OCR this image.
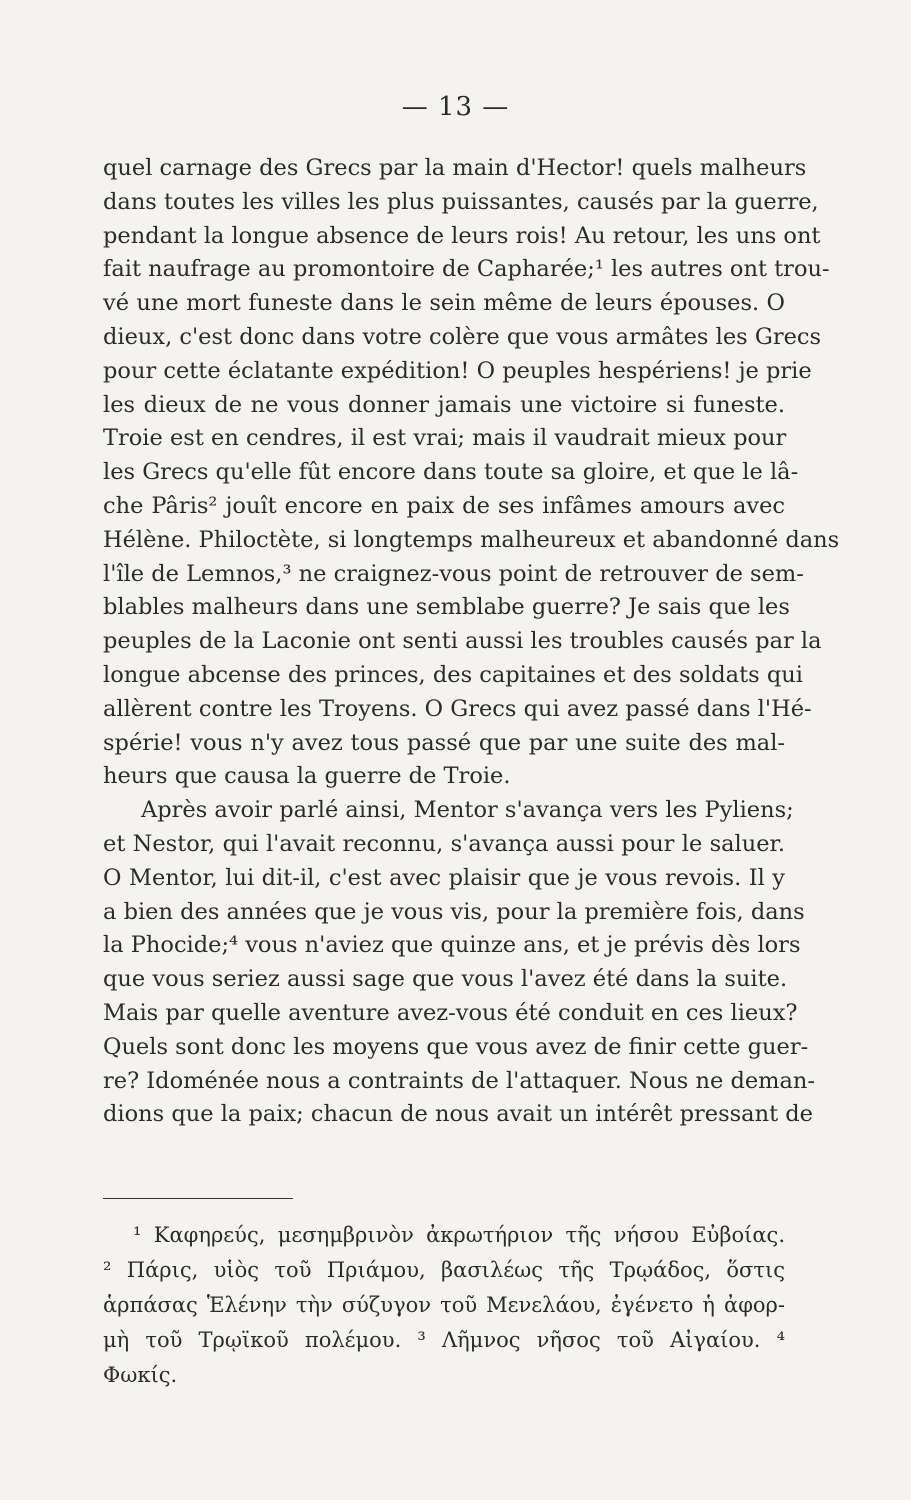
— 13 —
quel carnage des Grecs par la main d'Hector! quels malheurs
dans toutes les villes les plus puissantes, causés par la guerre,
pendant la longue absence de leurs rois! Au retour, les uns ont
fait naufrage au promontoire de Capharée;¹ les autres ont trou-
vé une mort funeste dans le sein même de leurs épouses. O
dieux, c'est donc dans votre colère que vous armâtes les Grecs
pour cette éclatante expédition! O peuples hespériens! je prie
les dieux de ne vous donner jamais une victoire si funeste.
Troie est en cendres, il est vrai; mais il vaudrait mieux pour
les Grecs qu'elle fût encore dans toute sa gloire, et que le lâ-
che Pâris² jouît encore en paix de ses infâmes amours avec
Hélène. Philoctète, si longtemps malheureux et abandonné dans
l'île de Lemnos,³ ne craignez-vous point de retrouver de sem-
blables malheurs dans une semblabe guerre? Je sais que les
peuples de la Laconie ont senti aussi les troubles causés par la
longue abcense des princes, des capitaines et des soldats qui
allèrent contre les Troyens. O Grecs qui avez passé dans l'Hé-
spérie! vous n'y avez tous passé que par une suite des mal-
heurs que causa la guerre de Troie.
Après avoir parlé ainsi, Mentor s'avança vers les Pyliens;
et Nestor, qui l'avait reconnu, s'avança aussi pour le saluer.
O Mentor, lui dit-il, c'est avec plaisir que je vous revois. Il y
a bien des années que je vous vis, pour la première fois, dans
la Phocide;⁴ vous n'aviez que quinze ans, et je prévis dès lors
que vous seriez aussi sage que vous l'avez été dans la suite.
Mais par quelle aventure avez-vous été conduit en ces lieux?
Quels sont donc les moyens que vous avez de finir cette guer-
re? Idoménée nous a contraints de l'attaquer. Nous ne deman-
dions que la paix; chacun de nous avait un intérêt pressant de
¹ Καφηρεύς, μεσημβρινὸν ἀκρωτήριον τῆς νήσου Εὐβοίας.
² Πάρις, υἱὸς τοῦ Πριάμου, βασιλέως τῆς Τρῳάδος, ὅστις
ἁρπάσας Ἑλένην τὴν σύζυγον τοῦ Μενελάου, ἐγένετο ἡ ἀφορ-
μὴ τοῦ Τρῳϊκοῦ πολέμου. ³ Λῆμνος νῆσος τοῦ Αἰγαίου. ⁴
Φωκίς.
